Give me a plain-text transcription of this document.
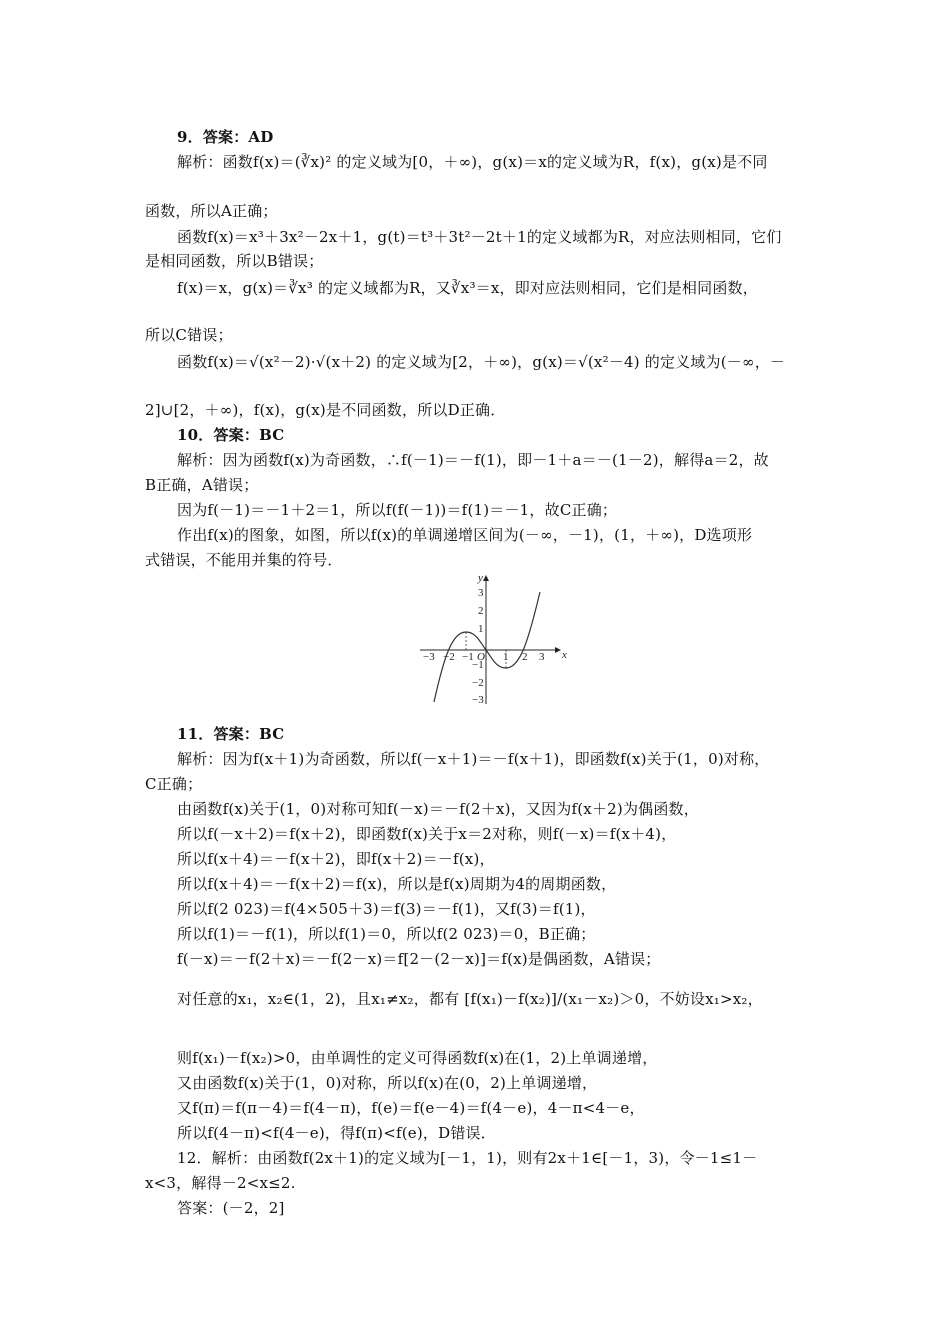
9．答案：AD
解析：函数f(x)＝(∛x)² 的定义域为[0，＋∞)，g(x)＝x的定义域为R，f(x)，g(x)是不同
函数，所以A正确；
函数f(x)＝x³＋3x²－2x＋1，g(t)＝t³＋3t²－2t＋1的定义域都为R，对应法则相同，它们
是相同函数，所以B错误；
f(x)＝x，g(x)＝∛x³ 的定义域都为R，又∛x³＝x，即对应法则相同，它们是相同函数，
所以C错误；
函数f(x)＝√(x²－2)·√(x＋2) 的定义域为[2，＋∞)，g(x)＝√(x²－4) 的定义域为(－∞，－
2]∪[2，＋∞)，f(x)，g(x)是不同函数，所以D正确．
10．答案：BC
解析：因为函数f(x)为奇函数，∴f(－1)＝－f(1)，即－1＋a＝－(1－2)，解得a＝2，故
B正确，A错误；
因为f(－1)＝－1＋2＝1，所以f(f(－1))＝f(1)＝－1，故C正确；
作出f(x)的图象，如图，所以f(x)的单调递增区间为(－∞，－1)，(1，＋∞)，D选项形
式错误，不能用并集的符号．
x
y
O
−3 −2 −1	1 2 3
3
2
1
−1
−2
−3
11．答案：BC
解析：因为f(x＋1)为奇函数，所以f(－x＋1)＝－f(x＋1)，即函数f(x)关于(1，0)对称，
C正确；
由函数f(x)关于(1，0)对称可知f(－x)＝－f(2＋x)，又因为f(x＋2)为偶函数，
所以f(－x＋2)＝f(x＋2)，即函数f(x)关于x＝2对称，则f(－x)＝f(x＋4)，
所以f(x＋4)＝－f(x＋2)，即f(x＋2)＝－f(x)，
所以f(x＋4)＝－f(x＋2)＝f(x)，所以是f(x)周期为4的周期函数，
所以f(2 023)＝f(4×505＋3)＝f(3)＝－f(1)，又f(3)＝f(1)，
所以f(1)＝－f(1)，所以f(1)＝0，所以f(2 023)＝0，B正确；
f(－x)＝－f(2＋x)＝－f(2－x)＝f[2－(2－x)]＝f(x)是偶函数，A错误；
对任意的x₁，x₂∈(1，2)，且x₁≠x₂，都有 [f(x₁)－f(x₂)]/(x₁－x₂)＞0，不妨设x₁>x₂，
则f(x₁)－f(x₂)>0，由单调性的定义可得函数f(x)在(1，2)上单调递增，
又由函数f(x)关于(1，0)对称，所以f(x)在(0，2)上单调递增，
又f(π)＝f(π－4)＝f(4－π)，f(e)＝f(e－4)＝f(4－e)，4－π<4－e，
所以f(4－π)<f(4－e)，得f(π)<f(e)，D错误．
12．解析：由函数f(2x＋1)的定义域为[－1，1)，则有2x＋1∈[－1，3)，令－1≤1－
x<3，解得－2<x≤2.
答案：(－2，2]
